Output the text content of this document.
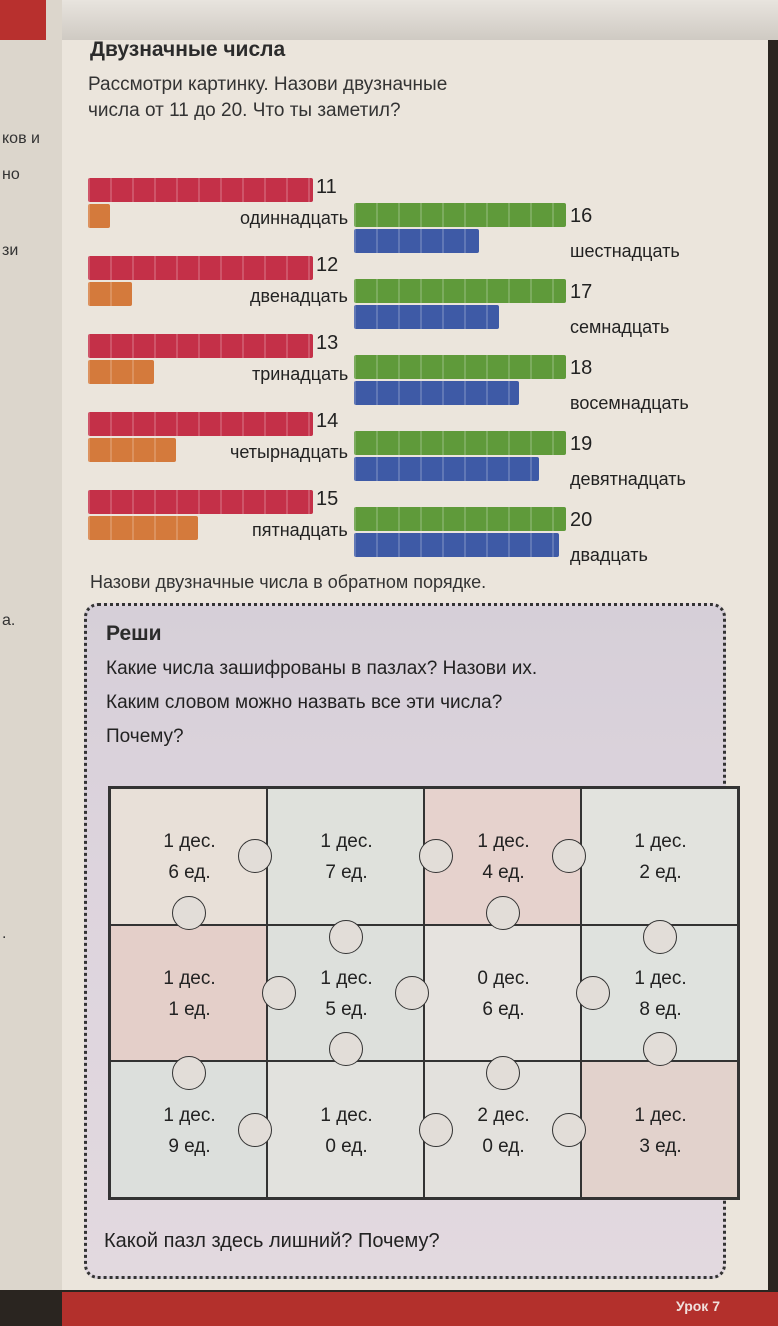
ков и
но
зи
а.
.
Двузначные числа
Рассмотри картинку. Назови двузначные
числа от 11 до 20. Что ты заметил?
11
одиннадцать
12
двенадцать
13
тринадцать
14
четырнадцать
15
пятнадцать
16
шестнадцать
17
семнадцать
18
восемнадцать
19
девятнадцать
20
двадцать
Назови двузначные числа в обратном порядке.
Реши
Какие числа зашифрованы в пазлах? Назови их.
Каким словом можно назвать все эти числа?
Почему?
1 дес.
6 ед.
1 дес.
7 ед.
1 дес.
4 ед.
1 дес.
2 ед.
1 дес.
1 ед.
1 дес.
5 ед.
0 дес.
6 ед.
1 дес.
8 ед.
1 дес.
9 ед.
1 дес.
0 ед.
2 дес.
0 ед.
1 дес.
3 ед.
Какой пазл здесь лишний? Почему?
Урок 7
